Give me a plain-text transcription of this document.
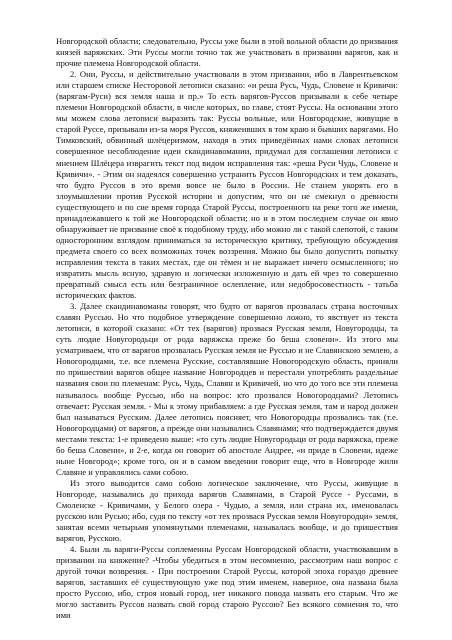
Новгородской области; следовательно, Руссы уже были в этой вольной области до призвания князей варяжских. Эти Руссы могли точно так же участвовать в призвании варягов, как и прочие племена Новгородской области.

2. Они, Руссы, и действительно участвовали в этом призвании, ибо в Лаврентьевском или старшем списке Несторовой летописи сказано: «и реша Русь, Чудь, Словене и Кривичи: (варягам-Руси) вся земля наша и пр.» То есть варягов-Руссов призывали к себе четыре племени Новгородской области, в числе которых, во главе, стоят Руссы. На основании этого мы можем слова летописи выразить так: Руссы вольные, или Новгородские, живущие в старой Руссе, призывали из-за моря Руссов, княжеивших в том краю и бывших варягами. Но Тимковский, обвинный шлёцеризмом, находя в этих приведённых нами словах летописи совершенное несоблюдение идеи скандинавомании, придумал для соглашения летописи с мнением Шлёцера изврагить текст под видом исправления так: «реша Руси Чудь, Словене и Кривичи». - Этим он надеялся совершенно устранить Руссов Новгородских и тем доказать, что будто Руссов в это время вовсе не было в России. Не станем укорять его в злоумышлении против Русской истории и допустим, что он не смекнул о древности существующего и по сие время города Старой Руссы, построенного на реке того же имени, принадлежавшего к той же Новгородской области; но и в этом последнем случае он явно обнаруживает не призвание своё к подобному труду, ибо можно ли с такой слепотой, с таким односторонним взглядом приниматься за историческую критику, требующую обсуждения предмета своего со всех возможных точек воззрения. Можно бы было допустить попытку исправления текста в таких местах, где он тёмен и не выражает ничего осмысленного; но извратить мысль ясную, здравую и логически изложенную и дать ей чрез то совершенно превратный смысл есть или безграничное ослепление, или недобросовестность - татьба исторических фактов.

3. Далее скандинавоманы говорят, что будто от варягов прозвалась страна восточных славян Руссью. Но что подобное утверждение совершенно ложно, то явствует из текста летописи, в которой сказано: «От тех (варягов) прозвася Русская земля, Новугородцы, та суть людие Новугородьци от рода варяжска преже бо бешa словени». Из этого мы усматриваем, что от варягов прозвалась Русская земля не Руссью и не Славянскою землею, а Новогородцами, т.е. все племена Русские, составлявшие Новогородскую область, приняли по пришествии варягов общее название Новгородцев и перестали употреблять раздельные названия свои по племенам: Русь, Чудь, Славян и Кривичей, но что до того все эти племена называлось вообще Руссью, ибо на вопрос: кто прозвался Новогородцами? Летопись отвечает: Русская земля. - Мы к этому прибавляем: а где Русская земля, там и народ должен был называться Русским. Далее летопись поясняет, что Новогородцы прозвались так (т.е. Новогородцами) от варягов, а прежде они назывались Славянами; что подтверждается двумя местами текста: 1-е приведено выше: «то суть людие Новугородьци от рода варяжска, преже бо бешa Словени», и 2-е, когда он говорит об апостоле Андрее, «и приде в Словени, идеже ныне Новгород»; кроме того, он и в самом введении говорит еще, что в Новгороде жили Славяне и управлялись сами собою.

Из этого выводится само собою логическое заключение, что Руссы, живущие в Новгороде, назывались до прихода варягов Славянами, в Старой Руссе - Руссами, в Смоленске - Кривичами, у Белого озера - Чудью, а земля, или страна их, именовалась русскою или Русью; ибо, судя по тексту «от тех прозвася Русская земля Новугородци» земля, занятая всеми четырьмя упомянутыми племенами, называлась вообще, и до пришествия варягов, Русскою.

4. Были ль варяги-Руссы соплеменны Руссам Новгородской области, участвовавшим в призвании на княжение? -Чтобы убедиться в этом несомненно, рассмотрим наш вопрос с другой точки возврения. - При построении Старой Руссы, которой эпоха гораздо древнее варягов, заставших её существующую уже под этим именем, наверное, она названа была просто Руссою, ибо, строя новый город, нет никакого повода назвать его старым. Что же могло заставить Руссов назвать свой город старою Руссою? Без всякого сомнения то, что ими
